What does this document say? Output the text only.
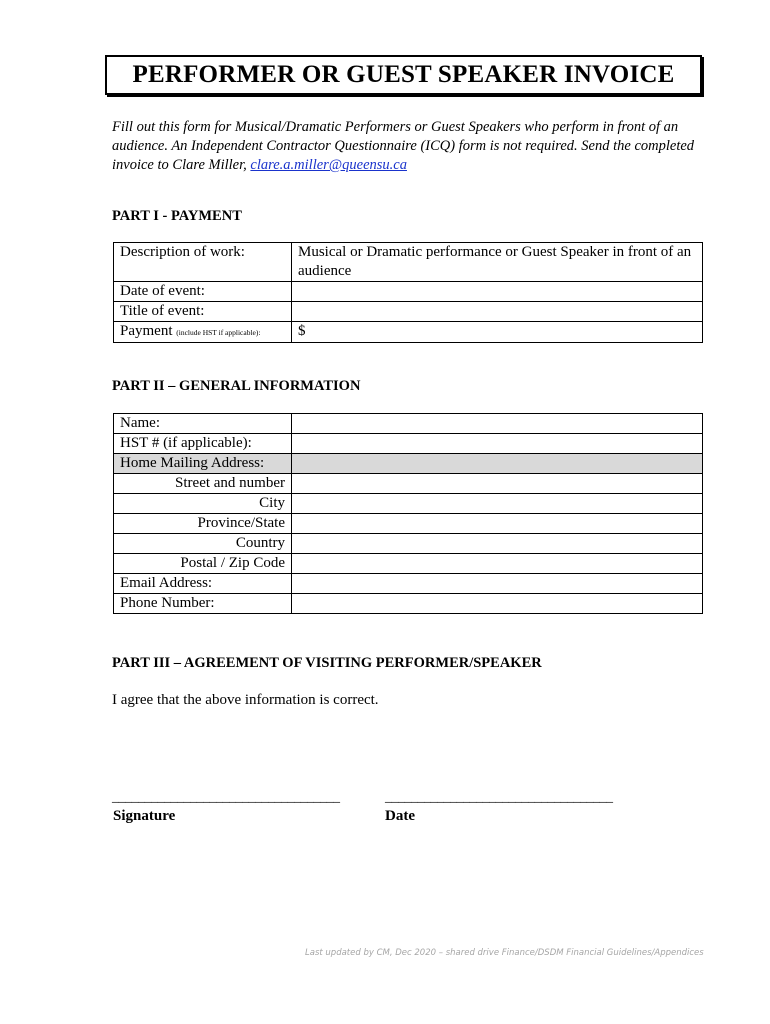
PERFORMER OR GUEST SPEAKER INVOICE
Fill out this form for Musical/Dramatic Performers or Guest Speakers who perform in front of an audience. An Independent Contractor Questionnaire (ICQ) form is not required. Send the completed invoice to Clare Miller, clare.a.miller@queensu.ca
PART I - PAYMENT
Description of work:	Musical or Dramatic performance or Guest Speaker in front of an audience
Date of event:	
Title of event:	
Payment (include HST if applicable):	$
PART II – GENERAL INFORMATION
Name:	
HST # (if applicable):	
Home Mailing Address:	
Street and number	
City	
Province/State	
Country	
Postal / Zip Code	
Email Address:	
Phone Number:	
PART III – AGREEMENT OF VISITING PERFORMER/SPEAKER
I agree that the above information is correct.
___________________________________
Signature
___________________________________
Date
Last updated by CM, Dec 2020 – shared drive Finance/DSDM Financial Guidelines/Appendices
